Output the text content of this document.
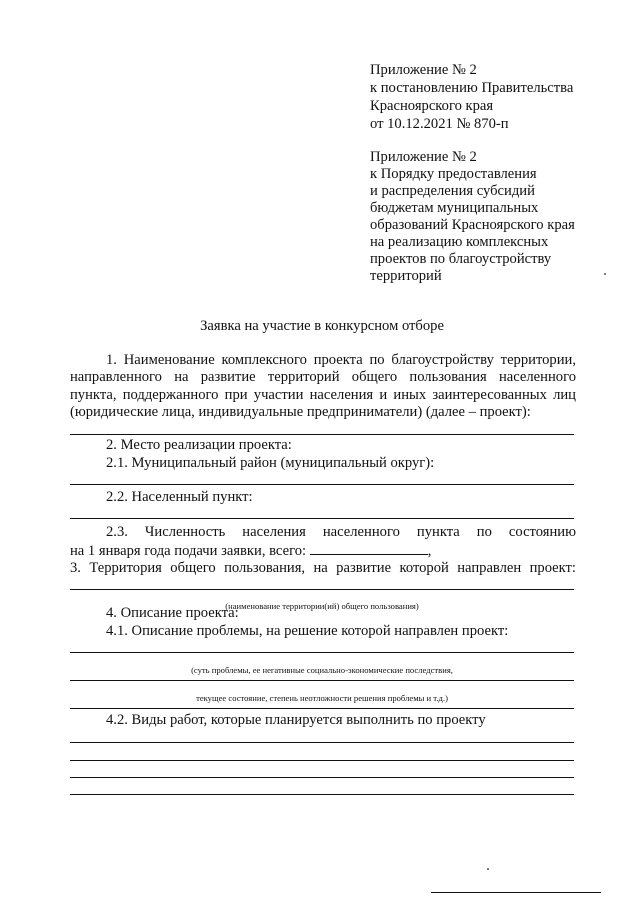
Приложение № 2

к постановлению Правительства

Красноярского края

от 10.12.2021 № 870-п

Приложение № 2

к Порядку предоставления

и распределения субсидий

бюджетам муниципальных

образований Красноярского края

на реализацию комплексных

проектов по благоустройству

территорий

Заявка на участие в конкурсном отборе

1. Наименование комплексного проекта по благоустройству территории,
направленного на развитие территорий общего пользования населенного
пункта, поддержанного при участии населения и иных заинтересованных лиц
(юридические лица, индивидуальные предприниматели) (далее – проект):

2. Место реализации проекта:

2.1. Муниципальный район (муниципальный округ):

2.2. Населенный пункт:

2.3. Численность населения населенного пункта по состоянию

на 1 января года подачи заявки, всего:	,

3. Территория общего пользования, на развитие которой направлен проект:

(наименование территории(ий) общего пользования)

4. Описание проекта:

4.1. Описание проблемы, на решение которой направлен проект:

(суть проблемы, ее негативные социально-экономические последствия,

текущее состояние, степень неотложности решения проблемы и т.д.)

4.2. Виды работ, которые планируется выполнить по проекту
